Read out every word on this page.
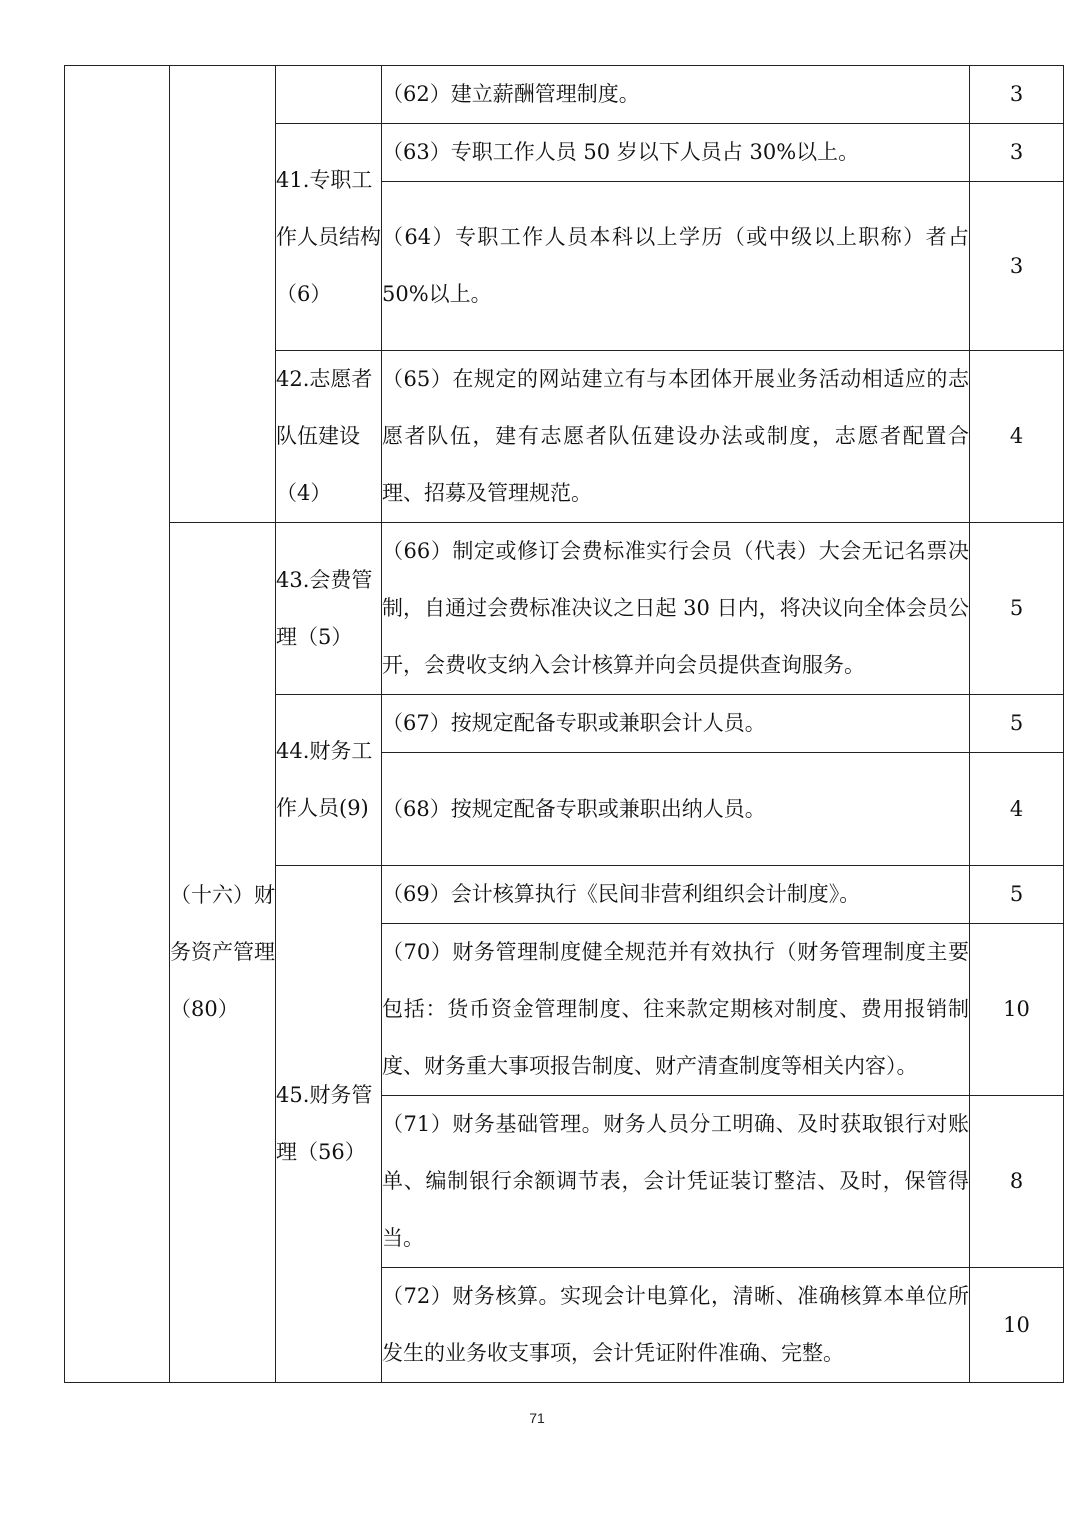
			（62）建立薪酬管理制度。	3
		41.专职工作人员结构（6）	（63）专职工作人员 50 岁以下人员占 30%以上。	3
			（64）专职工作人员本科以上学历（或中级以上职称）者占50%以上。	3
		42.志愿者队伍建设（4）	（65）在规定的网站建立有与本团体开展业务活动相适应的志愿者队伍，建有志愿者队伍建设办法或制度，志愿者配置合理、招募及管理规范。	4
	（十六）财务资产管理（80）	43.会费管理（5）	（66）制定或修订会费标准实行会员（代表）大会无记名票决制，自通过会费标准决议之日起 30 日内，将决议向全体会员公开，会费收支纳入会计核算并向会员提供查询服务。	5
		44.财务工作人员(9)	（67）按规定配备专职或兼职会计人员。	5
			（68）按规定配备专职或兼职出纳人员。	4
		45.财务管理（56）	（69）会计核算执行《民间非营利组织会计制度》。	5
			（70）财务管理制度健全规范并有效执行（财务管理制度主要包括：货币资金管理制度、往来款定期核对制度、费用报销制度、财务重大事项报告制度、财产清查制度等相关内容）。	10
			（71）财务基础管理。财务人员分工明确、及时获取银行对账单、编制银行余额调节表，会计凭证装订整洁、及时，保管得当。	8
			（72）财务核算。实现会计电算化，清晰、准确核算本单位所发生的业务收支事项，会计凭证附件准确、完整。	10
71
